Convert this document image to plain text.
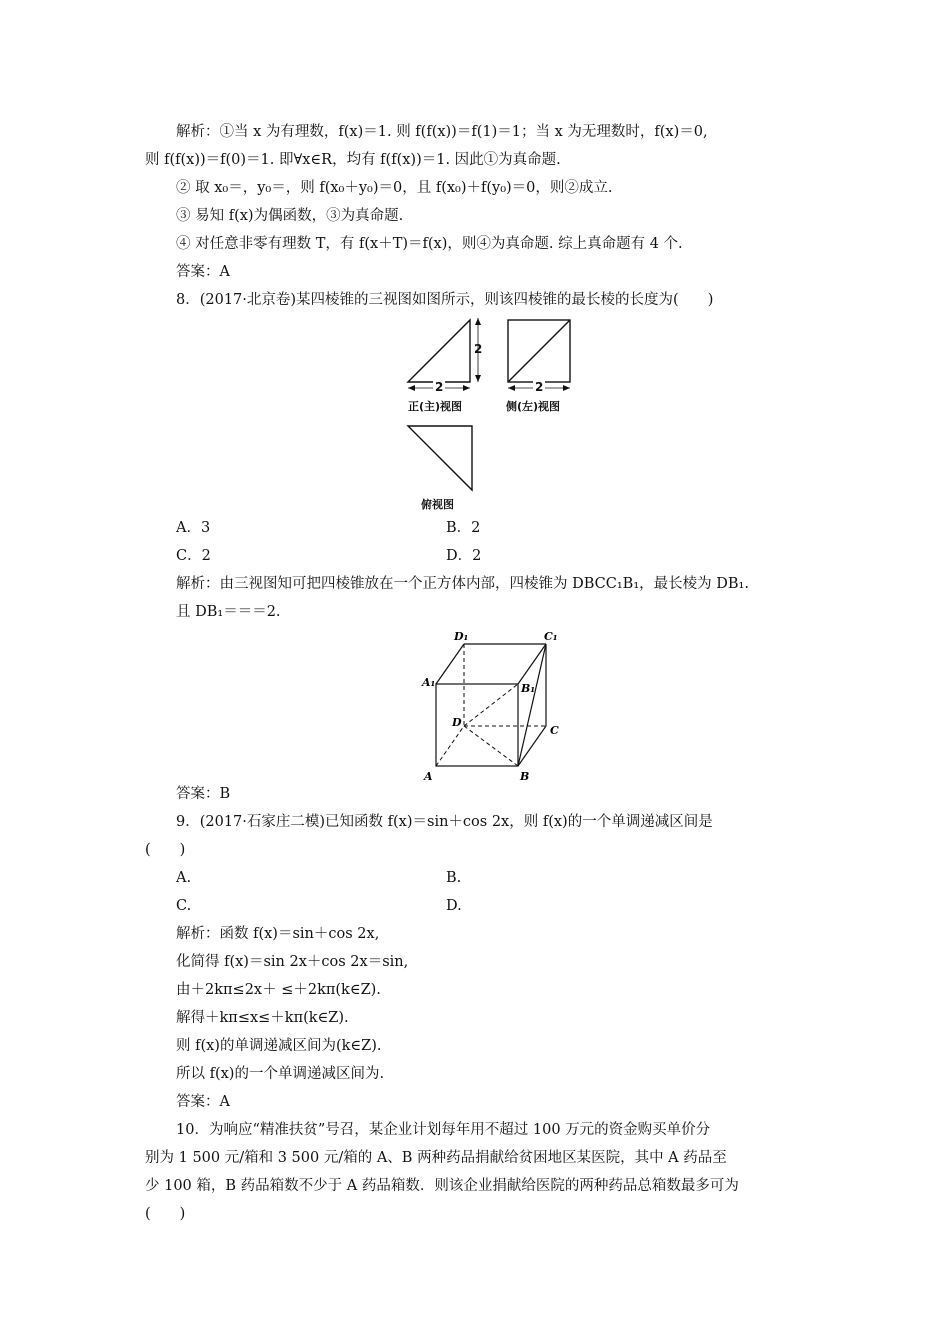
解析：①当 x 为有理数，f(x)＝1. 则 f(f(x))＝f(1)＝1；当 x 为无理数时，f(x)＝0,
则 f(f(x))＝f(0)＝1. 即∀x∈R，均有 f(f(x))＝1. 因此①为真命题.
② 取 x₀＝，y₀＝，则 f(x₀＋y₀)＝0，且 f(x₀)＋f(y₀)＝0，则②成立.
③ 易知 f(x)为偶函数，③为真命题.
④ 对任意非零有理数 T，有 f(x＋T)＝f(x)，则④为真命题. 综上真命题有 4 个.
答案：A
8．(2017·北京卷)某四棱锥的三视图如图所示，则该四棱锥的最长棱的长度为(　　)
2
2
正(主)视图
2
侧(左)视图
俯视图
A．3	B．2
C．2	D．2
解析：由三视图知可把四棱锥放在一个正方体内部，四棱锥为 DBCC₁B₁，最长棱为 DB₁.
且 DB₁＝＝＝2.
A	B
C
D
A₁	B₁
C₁
D₁
答案：B
9．(2017·石家庄二模)已知函数 f(x)＝sin＋cos 2x，则 f(x)的一个单调递减区间是
(　　)
A.	B.
C.	D.
解析：函数 f(x)＝sin＋cos 2x,
化简得 f(x)＝sin 2x＋cos 2x＝sin,
由＋2kπ≤2x＋ ≤＋2kπ(k∈Z).
解得＋kπ≤x≤＋kπ(k∈Z).
则 f(x)的单调递减区间为(k∈Z).
所以 f(x)的一个单调递减区间为.
答案：A
10．为响应“精准扶贫”号召，某企业计划每年用不超过 100 万元的资金购买单价分
别为 1 500 元/箱和 3 500 元/箱的 A、B 两种药品捐献给贫困地区某医院，其中 A 药品至
少 100 箱，B 药品箱数不少于 A 药品箱数．则该企业捐献给医院的两种药品总箱数最多可为
(　　)
